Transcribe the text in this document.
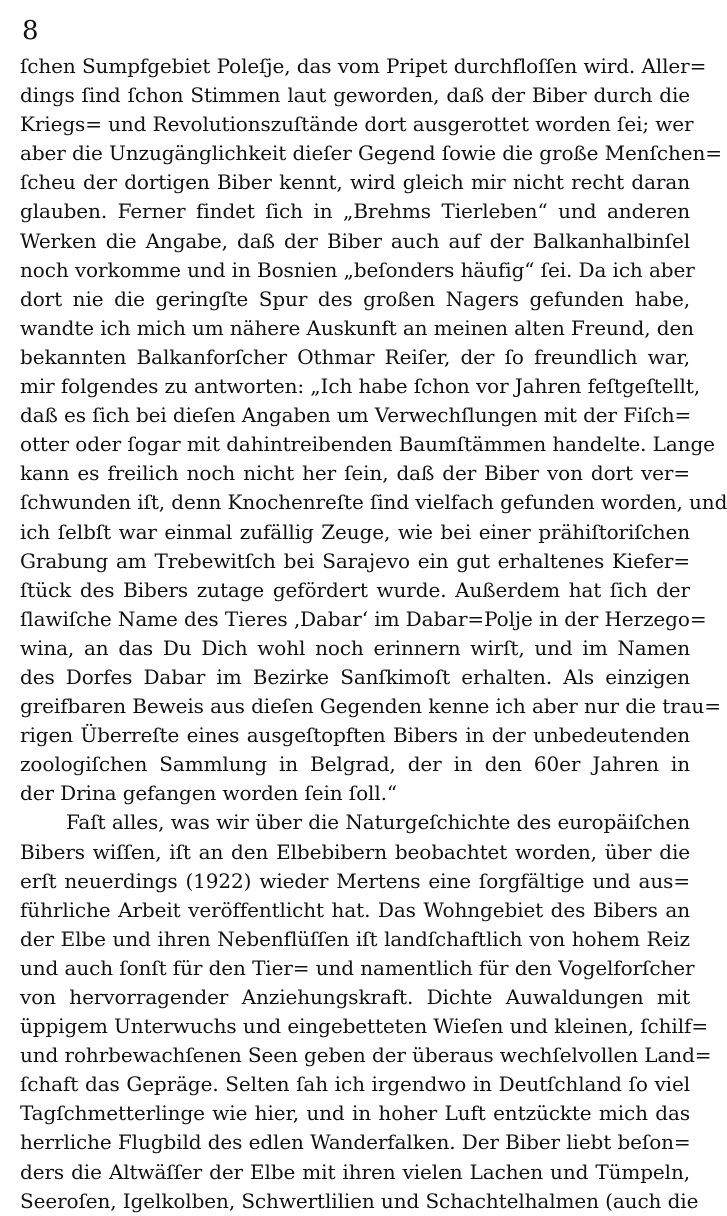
8
ſchen Sumpfgebiet Poleſje, das vom Pripet durchfloſſen wird. Aller=
dings ſind ſchon Stimmen laut geworden, daß der Biber durch die
Kriegs= und Revolutionszuſtände dort ausgerottet worden ſei; wer
aber die Unzugänglichkeit dieſer Gegend ſowie die große Menſchen=
ſcheu der dortigen Biber kennt, wird gleich mir nicht recht daran
glauben. Ferner findet ſich in „Brehms Tierleben“ und anderen
Werken die Angabe, daß der Biber auch auf der Balkanhalbinſel
noch vorkomme und in Bosnien „beſonders häufig“ ſei. Da ich aber
dort nie die geringſte Spur des großen Nagers gefunden habe,
wandte ich mich um nähere Auskunft an meinen alten Freund, den
bekannten Balkanforſcher Othmar Reiſer, der ſo freundlich war,
mir folgendes zu antworten: „Ich habe ſchon vor Jahren feſtgeſtellt,
daß es ſich bei dieſen Angaben um Verwechſlungen mit der Fiſch=
otter oder ſogar mit dahintreibenden Baumſtämmen handelte. Lange
kann es freilich noch nicht her ſein, daß der Biber von dort ver=
ſchwunden iſt, denn Knochenreſte ſind vielfach gefunden worden, und
ich ſelbſt war einmal zufällig Zeuge, wie bei einer prähiſtoriſchen
Grabung am Trebewitſch bei Sarajevo ein gut erhaltenes Kiefer=
ſtück des Bibers zutage gefördert wurde. Außerdem hat ſich der
ſlawiſche Name des Tieres ‚Dabar‘ im Dabar=Polje in der Herzego=
wina, an das Du Dich wohl noch erinnern wirſt, und im Namen
des Dorfes Dabar im Bezirke Sanſkimoſt erhalten. Als einzigen
greifbaren Beweis aus dieſen Gegenden kenne ich aber nur die trau=
rigen Überreſte eines ausgeſtopften Bibers in der unbedeutenden
zoologiſchen Sammlung in Belgrad, der in den 60er Jahren in
der Drina gefangen worden ſein ſoll.“
Faſt alles, was wir über die Naturgeſchichte des europäiſchen
Bibers wiſſen, iſt an den Elbebibern beobachtet worden, über die
erſt neuerdings (1922) wieder Mertens eine ſorgfältige und aus=
führliche Arbeit veröffentlicht hat. Das Wohngebiet des Bibers an
der Elbe und ihren Nebenflüſſen iſt landſchaftlich von hohem Reiz
und auch ſonſt für den Tier= und namentlich für den Vogelforſcher
von hervorragender Anziehungskraft. Dichte Auwaldungen mit
üppigem Unterwuchs und eingebetteten Wieſen und kleinen, ſchilf=
und rohrbewachſenen Seen geben der überaus wechſelvollen Land=
ſchaft das Gepräge. Selten ſah ich irgendwo in Deutſchland ſo viel
Tagſchmetterlinge wie hier, und in hoher Luft entzückte mich das
herrliche Flugbild des edlen Wanderfalken. Der Biber liebt beſon=
ders die Altwäſſer der Elbe mit ihren vielen Lachen und Tümpeln,
Seeroſen, Igelkolben, Schwertlilien und Schachtelhalmen (auch die
